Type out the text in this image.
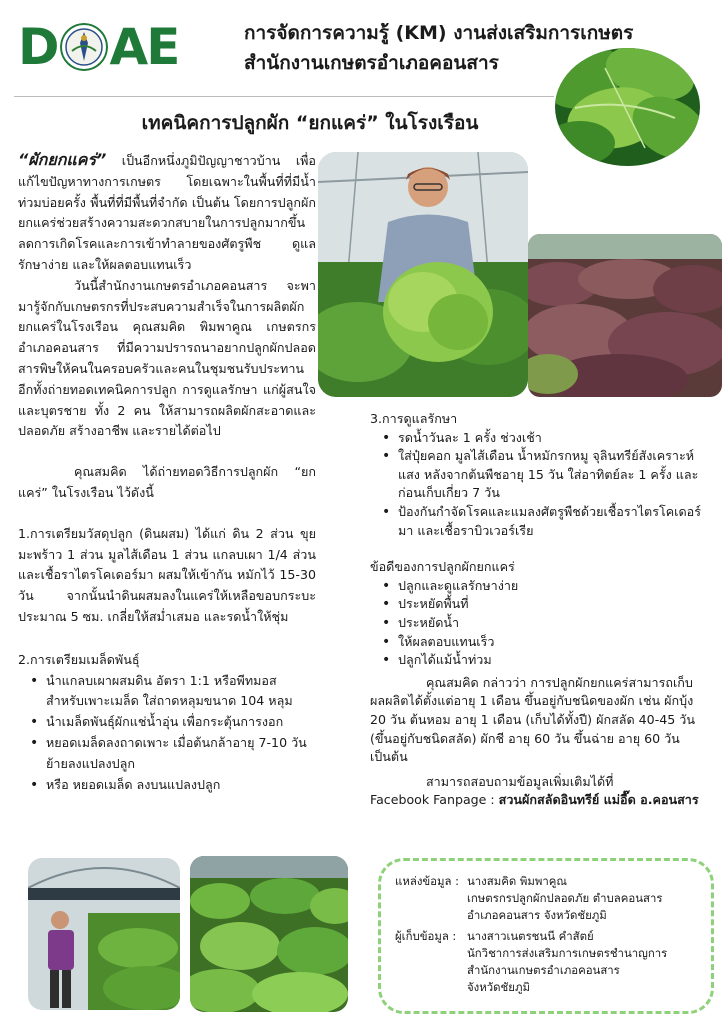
D AE	การจัดการความรู้ (KM) งานส่งเสริมการเกษตร
สำนักงานเกษตรอำเภอคอนสาร
เทคนิคการปลูกผัก “ยกแคร่” ในโรงเรือน

“ผักยกแคร่” เป็นอีกหนึ่งภูมิปัญญาชาวบ้าน เพื่อแก้ไขปัญหาทางการเกษตร โดยเฉพาะในพื้นที่ที่มีน้ำท่วมบ่อยครั้ง พื้นที่ที่มีพื้นที่จำกัด เป็นต้น โดยการปลูกผักยกแคร่ช่วยสร้างความสะดวกสบายในการปลูกมากขึ้น ลดการเกิดโรคและการเข้าทำลายของศัตรูพืช ดูแลรักษาง่าย และให้ผลตอบแทนเร็ว

วันนี้สำนักงานเกษตรอำเภอคอนสาร จะพามารู้จักกับเกษตรกรที่ประสบความสำเร็จในการผลิตผักยกแคร่ในโรงเรือน คุณสมคิด พิมพาคูณ เกษตรกรอำเภอคอนสาร ที่มีความปรารถนาอยากปลูกผักปลอดสารพิษให้คนในครอบครัวและคนในชุมชนรับประทาน อีกทั้งถ่ายทอดเทคนิคการปลูก การดูแลรักษา แก่ผู้สนใจและบุตรชาย ทั้ง 2 คน ให้สามารถผลิตผักสะอาดและปลอดภัย สร้างอาชีพ และรายได้ต่อไป

คุณสมคิด ได้ถ่ายทอดวิธีการปลูกผัก “ยกแคร่” ในโรงเรือน ไว้ดังนี้

1.การเตรียมวัสดุปลูก (ดินผสม) ได้แก่ ดิน 2 ส่วน ขุยมะพร้าว 1 ส่วน มูลไส้เดือน 1 ส่วน แกลบเผา 1/4 ส่วน และเชื้อราไตรโคเดอร์มา ผสมให้เข้ากัน หมักไว้ 15-30 วัน จากนั้นนำดินผสมลงในแคร่ให้เหลือขอบกระบะประมาณ 5 ซม. เกลี่ยให้สม่ำเสมอ และรดน้ำให้ชุ่ม

2.การเตรียมเมล็ดพันธุ์

• นำแกลบเผาผสมดิน อัตรา 1:1 หรือพีทมอส สำหรับเพาะเมล็ด ใส่ถาดหลุมขนาด 104 หลุม
• นำเมล็ดพันธุ์ผักแช่น้ำอุ่น เพื่อกระตุ้นการงอก
• หยอดเมล็ดลงถาดเพาะ เมื่อต้นกล้าอายุ 7-10 วัน ย้ายลงแปลงปลูก
• หรือ หยอดเมล็ด ลงบนแปลงปลูก

3.การดูแลรักษา

• รดน้ำวันละ 1 ครั้ง ช่วงเช้า
• ใส่ปุ๋ยคอก มูลไส้เดือน น้ำหมักรกหมู จุลินทรีย์สังเคราะห์แสง หลังจากต้นพืชอายุ 15 วัน ใส่อาทิตย์ละ 1 ครั้ง และก่อนเก็บเกี่ยว 7 วัน
• ป้องกันกำจัดโรคและแมลงศัตรูพืชด้วยเชื้อราไตรโคเดอร์มา และเชื้อราบิวเวอร์เรีย

ข้อดีของการปลูกผักยกแคร่

• ปลูกและดูแลรักษาง่าย
• ประหยัดพื้นที่
• ประหยัดน้ำ
• ให้ผลตอบแทนเร็ว
• ปลูกได้แม้น้ำท่วม

คุณสมคิด กล่าวว่า การปลูกผักยกแคร่สามารถเก็บผลผลิตได้ตั้งแต่อายุ 1 เดือน ขึ้นอยู่กับชนิดของผัก เช่น ผักบุ้ง 20 วัน ต้นหอม อายุ 1 เดือน (เก็บได้ทั้งปี) ผักสลัด 40-45 วัน (ขึ้นอยู่กับชนิดสลัด) ผักชี อายุ 60 วัน ขึ้นฉ่าย อายุ 60 วัน เป็นต้น

สามารถสอบถามข้อมูลเพิ่มเติมได้ที่

Facebook Fanpage : สวนผักสลัดอินทรีย์ แม่อี๊ด อ.คอนสาร

แหล่งข้อมูล : นางสมคิด พิมพาคูณ
เกษตรกรปลูกผักปลอดภัย ตำบลคอนสาร
อำเภอคอนสาร จังหวัดชัยภูมิ
ผู้เก็บข้อมูล : นางสาวเนตรชนนี คำสัตย์
นักวิชาการส่งเสริมการเกษตรชำนาญการ
สำนักงานเกษตรอำเภอคอนสาร
จังหวัดชัยภูมิ
